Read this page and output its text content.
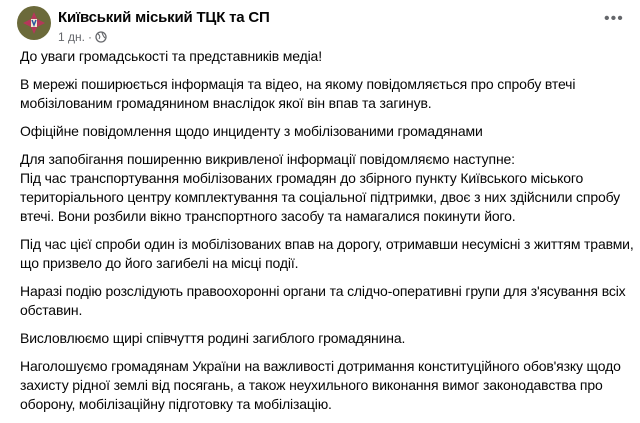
Київський міський ТЦК та СП
1 дн. ·
•••

До уваги громадськості та представників медіа!

В мережі поширюється інформація та відео, на якому повідомляється про спробу втечі
мобізілованим громадянином внаслідок якої він впав та загинув.

Офіційне повідомлення щодо инциденту з мобілізованими громадянами

Для запобігання поширенню викривленої інформації повідомляємо наступне:
Під час транспортування мобілізованих громадян до збірного пункту Київського міського
територіального центру комплектування та соціальної підтримки, двоє з них здійснили спробу
втечі. Вони розбили вікно транспортного засобу та намагалися покинути його.

Під час цієї спроби один із мобілізованих впав на дорогу, отримавши несумісні з життям травми,
що призвело до його загибелі на місці події.

Наразі подію розслідують правоохоронні органи та слідчо-оперативні групи для з'ясування всіх
обставин.

Висловлюємо щирі співчуття родині загиблого громадянина.

Наголошуємо громадянам України на важливості дотримання конституційного обов'язку щодо
захисту рідної землі від посягань, а також неухильного виконання вимог законодавства про
оборону, мобілізаційну підготовку та мобілізацію.
